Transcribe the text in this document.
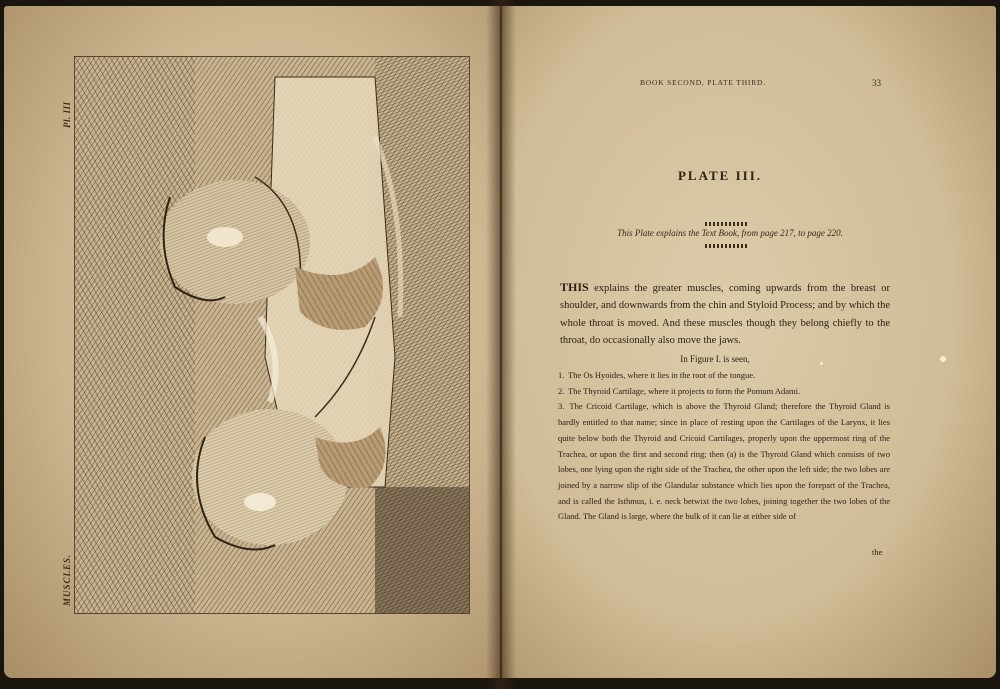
Pl. III
MUSCLES.
BOOK SECOND, PLATE THIRD.	33
PLATE III.
This Plate explains the Text Book, from page 217, to page 220.

THIS explains the greater muscles, coming upwards from the breast or shoulder, and downwards from the chin and Styloid Process; and by which the whole throat is moved. And these muscles though they belong chiefly to the throat, do occasionally also move the jaws.

In Figure I. is seen,
1. The Os Hyoides, where it lies in the root of the tongue.
2. The Thyroid Cartilage, where it projects to form the Pomum Adami.
3. The Cricoid Cartilage, which is above the Thyroid Gland; therefore the Thyroid Gland is hardly entitled to that name; since in place of resting upon the Cartilages of the Larynx, it lies quite below both the Thyroid and Cricoid Cartilages, properly upon the uppermost ring of the Trachea, or upon the first and second ring; then (a) is the Thyroid Gland which consists of two lobes, one lying upon the right side of the Trachea, the other upon the left side; the two lobes are joined by a narrow slip of the Glandular substance which lies upon the forepart of the Trachea, and is called the Isthmus, i. e. neck betwixt the two lobes, joining together the two lobes of the Gland. The Gland is large, where the bulk of it can lie at either side of
the
